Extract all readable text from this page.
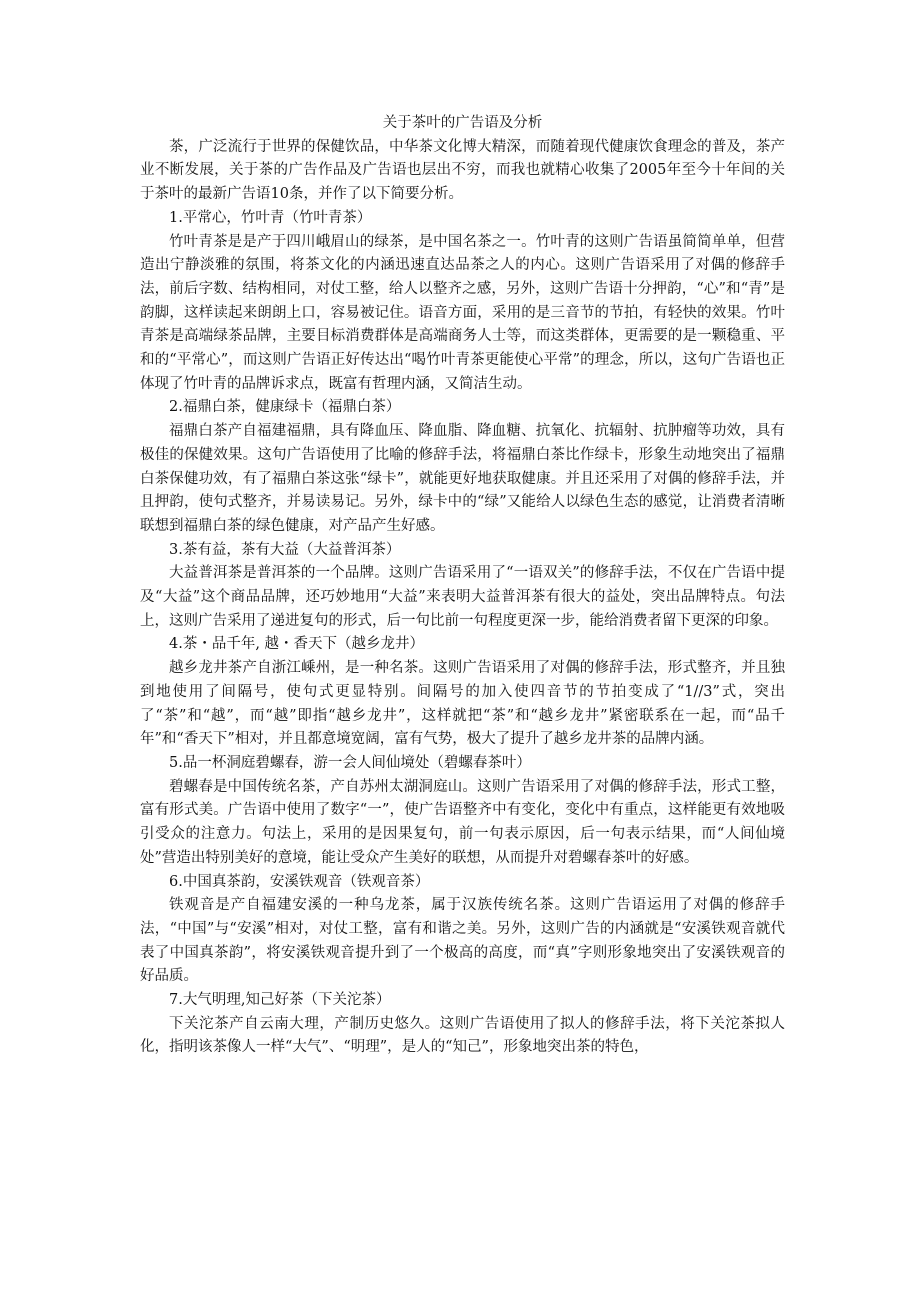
关于茶叶的广告语及分析

茶，广泛流行于世界的保健饮品，中华茶文化博大精深，而随着现代健康饮食理念的普及，茶产业不断发展，关于茶的广告作品及广告语也层出不穷，而我也就精心收集了2005年至今十年间的关于茶叶的最新广告语10条，并作了以下简要分析。

1.平常心，竹叶青（竹叶青茶）

竹叶青茶是是产于四川峨眉山的绿茶，是中国名茶之一。竹叶青的这则广告语虽简简单单，但营造出宁静淡雅的氛围，将茶文化的内涵迅速直达品茶之人的内心。这则广告语采用了对偶的修辞手法，前后字数、结构相同，对仗工整，给人以整齐之感，另外，这则广告语十分押韵，“心”和“青”是韵脚，这样读起来朗朗上口，容易被记住。语音方面，采用的是三音节的节拍，有轻快的效果。竹叶青茶是高端绿茶品牌，主要目标消费群体是高端商务人士等，而这类群体，更需要的是一颗稳重、平和的“平常心”，而这则广告语正好传达出“喝竹叶青茶更能使心平常”的理念，所以，这句广告语也正体现了竹叶青的品牌诉求点，既富有哲理内涵，又简洁生动。

2.福鼎白茶，健康绿卡（福鼎白茶）

福鼎白茶产自福建福鼎，具有降血压、降血脂、降血糖、抗氧化、抗辐射、抗肿瘤等功效，具有极佳的保健效果。这句广告语使用了比喻的修辞手法，将福鼎白茶比作绿卡，形象生动地突出了福鼎白茶保健功效，有了福鼎白茶这张“绿卡”，就能更好地获取健康。并且还采用了对偶的修辞手法，并且押韵，使句式整齐，并易读易记。另外，绿卡中的“绿”又能给人以绿色生态的感觉，让消费者清晰联想到福鼎白茶的绿色健康，对产品产生好感。

3.茶有益，茶有大益（大益普洱茶）

大益普洱茶是普洱茶的一个品牌。这则广告语采用了“一语双关”的修辞手法，不仅在广告语中提及“大益”这个商品品牌，还巧妙地用“大益”来表明大益普洱茶有很大的益处，突出品牌特点。句法上，这则广告采用了递进复句的形式，后一句比前一句程度更深一步，能给消费者留下更深的印象。

4.茶・品千年, 越・香天下（越乡龙井）

越乡龙井茶产自浙江嵊州，是一种名茶。这则广告语采用了对偶的修辞手法，形式整齐，并且独到地使用了间隔号，使句式更显特别。间隔号的加入使四音节的节拍变成了“1//3”式，突出了“茶”和“越”，而“越”即指“越乡龙井”，这样就把“茶”和“越乡龙井”紧密联系在一起，而“品千年”和“香天下”相对，并且都意境宽阔，富有气势，极大了提升了越乡龙井茶的品牌内涵。

5.品一杯洞庭碧螺春，游一会人间仙境处（碧螺春茶叶）

碧螺春是中国传统名茶，产自苏州太湖洞庭山。这则广告语采用了对偶的修辞手法，形式工整，富有形式美。广告语中使用了数字“一”，使广告语整齐中有变化，变化中有重点，这样能更有效地吸引受众的注意力。句法上，采用的是因果复句，前一句表示原因，后一句表示结果，而“人间仙境处”营造出特别美好的意境，能让受众产生美好的联想，从而提升对碧螺春茶叶的好感。

6.中国真茶韵，安溪铁观音（铁观音茶）

铁观音是产自福建安溪的一种乌龙茶，属于汉族传统名茶。这则广告语运用了对偶的修辞手法，“中国”与“安溪”相对，对仗工整，富有和谐之美。另外，这则广告的内涵就是“安溪铁观音就代表了中国真茶韵”，将安溪铁观音提升到了一个极高的高度，而“真”字则形象地突出了安溪铁观音的好品质。

7.大气明理,知己好茶（下关沱茶）

下关沱茶产自云南大理，产制历史悠久。这则广告语使用了拟人的修辞手法，将下关沱茶拟人化，指明该茶像人一样“大气”、“明理”，是人的“知己”，形象地突出茶的特色，
